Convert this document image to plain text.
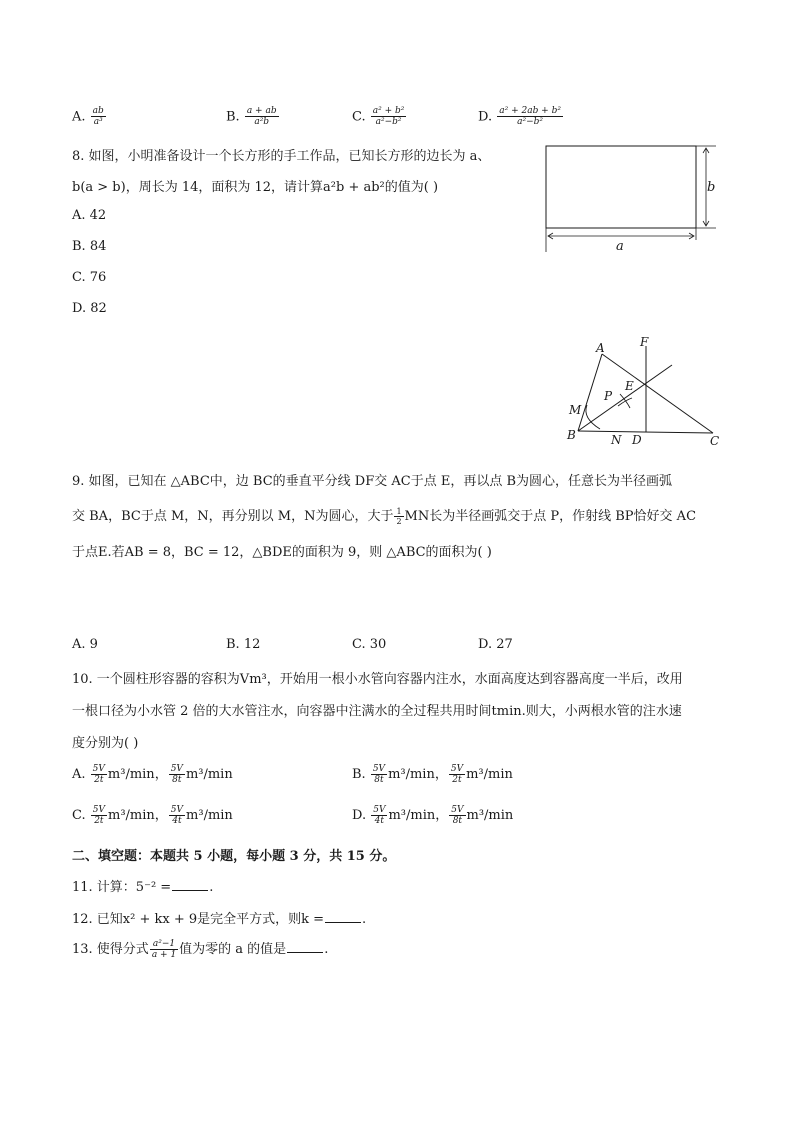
A. $\frac{ab}{\text{a³}}$	B. $\frac{a + ab}{\text{a²b}}$	C. $\frac{\text{a² + b²}}{\text{a²−b²}}$	D. $\frac{\text{a² + 2ab + b²}}{\text{a²−b²}}$
8. 如图，小明准备设计一个长方形的手工作品，已知长方形的边长为 a、
b(a > b)，周长为 14，面积为 12，请计算a²b + ab²的值为( )
A. 42
B. 84
C. 76
D. 82
b
a
A	F
E
P
M
B	N D	C
9. 如图，已知在 △ABC中，边 BC的垂直平分线 DF交 AC于点 E，再以点 B为圆心，任意长为半径画弧
交 BA，BC于点 M，N，再分别以 M，N为圆心，大于 $\frac{1}{2}$ MN长为半径画弧交于点 P，作射线 BP恰好交 AC
于点E.若AB = 8，BC = 12，△BDE的面积为 9，则 △ABC的面积为( )
A. 9	B. 12	C. 30	D. 27
10. 一个圆柱形容器的容积为Vm³，开始用一根小水管向容器内注水，水面高度达到容器高度一半后，改用
一根口径为小水管 2 倍的大水管注水，向容器中注满水的全过程共用时间tmin.则大，小两根水管的注水速
度分别为( )
A. $\frac{5V}{2t} m^3/\min$， $\frac{5V}{8t} m^3/\min$	B. $\frac{5V}{8t} m^3/\min$， $\frac{5V}{2t} m^3/\min$
C. $\frac{5V}{2t} m^3/\min$， $\frac{5V}{4t} m^3/\min$	D. $\frac{5V}{4t} m^3/\min$， $\frac{5V}{8t} m^3/\min$
二、填空题：本题共 5 小题，每小题 3 分，共 15 分。
11. 计算：5⁻² =	.
12. 已知x² + kx + 9是完全平方式，则k =	.
13. 使得分式 $\frac{\text{a²−1}}{a + 1}$ 值为零的 a 的值是	.
